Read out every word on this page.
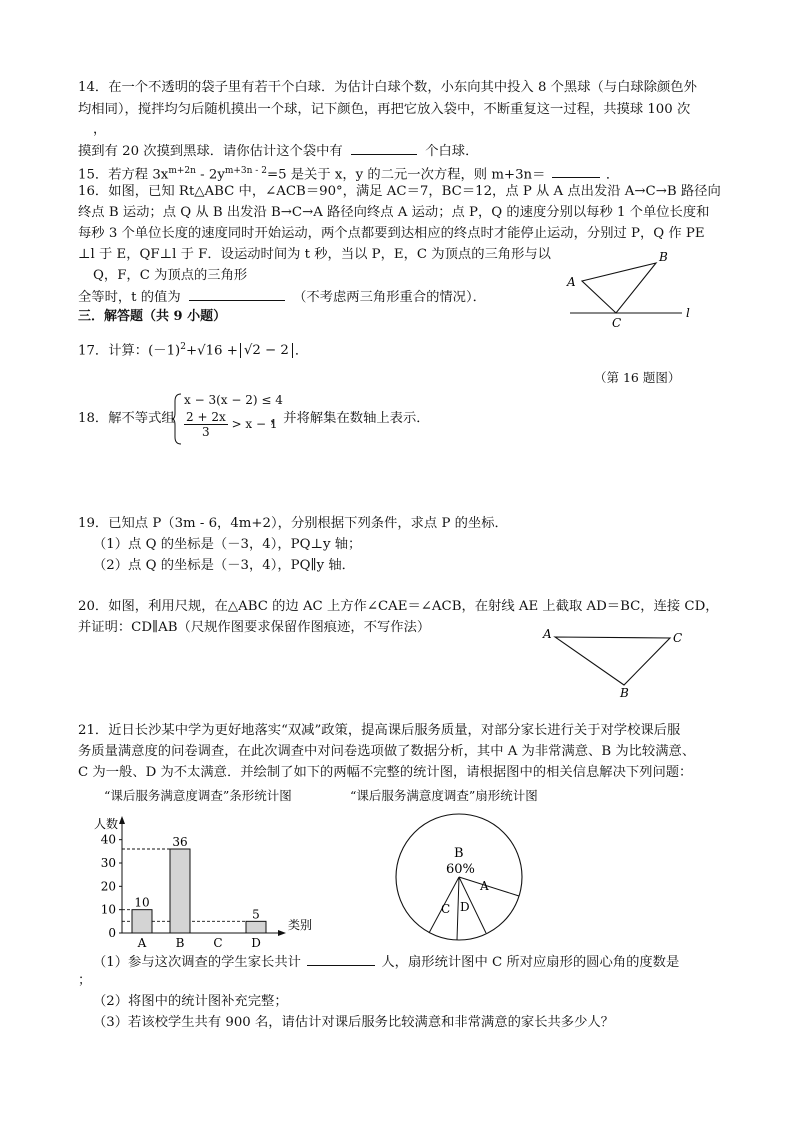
14．在一个不透明的袋子里有若干个白球．为估计白球个数，小东向其中投入 8 个黑球（与白球除颜色外
均相同），搅拌均匀后随机摸出一个球，记下颜色，再把它放入袋中，不断重复这一过程，共摸球 100 次
，
摸到有 20 次摸到黑球．请你估计这个袋中有	个白球．
15．若方程 $3x^{m+2n} - 2y^{m+3n - 2}=5$ 是关于 x，y 的二元一次方程，则 m+3n＝	．
16．如图，已知 Rt△ABC 中，∠ACB＝90°，满足 AC＝7，BC＝12，点 P 从 A 点出发沿 A→C→B 路径向
终点 B 运动；点 Q 从 B 出发沿 B→C→A 路径向终点 A 运动；点 P，Q 的速度分别以每秒 1 个单位长度和
每秒 3 个单位长度的速度同时开始运动，两个点都要到达相应的终点时才能停止运动，分别过 P，Q 作 PE
⊥l 于 E，QF⊥l 于 F．设运动时间为 t 秒，当以 P，E，C 为顶点的三角形与以
Q，F，C 为顶点的三角形
全等时，t 的值为	（不考虑两三角形重合的情况）．
A
B
C
l
（第 16 题图）
三．解答题（共 9 小题）
17．计算：$(-1)^2+√16 + √2 - 2$ ．
18．解不等式组
x − 3(x − 2) ≤ 4
$\frac{2 + 2x}{3} > x - 1$
，并将解集在数轴上表示．
19．已知点 P（3m - 6，4m+2），分别根据下列条件，求点 P 的坐标．
（1）点 Q 的坐标是（－3，4），PQ⊥y 轴；
（2）点 Q 的坐标是（－3，4），PQ∥y 轴．
20．如图，利用尺规，在△ABC 的边 AC 上方作∠CAE＝∠ACB，在射线 AE 上截取 AD＝BC，连接 CD，
并证明：CD∥AB（尺规作图要求保留作图痕迹，不写作法）	A	C
B
21．近日长沙某中学为更好地落实“双减”政策，提高课后服务质量，对部分家长进行关于对学校课后服
务质量满意度的问卷调查，在此次调查中对问卷选项做了数据分析，其中 A 为非常满意、B 为比较满意、
C 为一般、D 为不太满意．并绘制了如下的两幅不完整的统计图，请根据图中的相关信息解决下列问题：
“课后服务满意度调查”条形统计图	“课后服务满意度调查”扇形统计图
人数
类别
0
10
20
30
40
10
36
5
A B C D
B
60%
A
D
C
（1）参与这次调查的学生家长共计	人，扇形统计图中 C 所对应扇形的圆心角的度数是
；
（2）将图中的统计图补充完整；
（3）若该校学生共有 900 名，请估计对课后服务比较满意和非常满意的家长共多少人？
